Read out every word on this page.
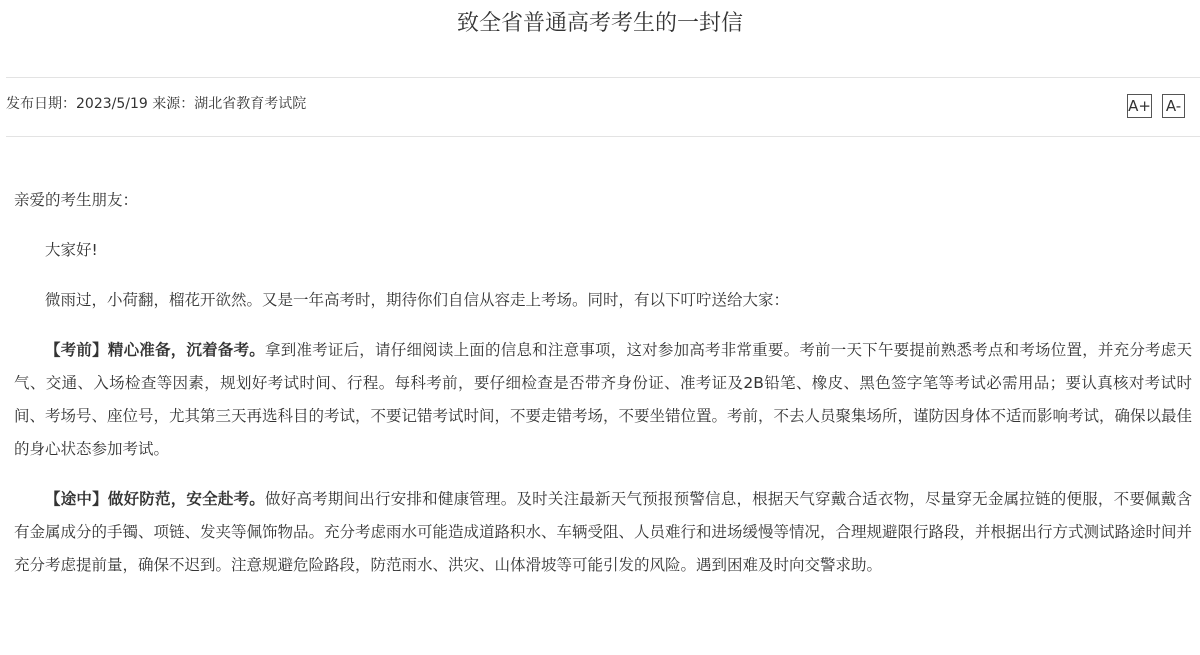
致全省普通高考考生的一封信
发布日期：2023/5/19 来源：湖北省教育考试院	A+ A-

亲爱的考生朋友：

大家好!

微雨过，小荷翻，榴花开欲然。又是一年高考时，期待你们自信从容走上考场。同时，有以下叮咛送给大家：

【考前】精心准备，沉着备考。拿到准考证后，请仔细阅读上面的信息和注意事项，这对参加高考非常重要。考前一天下午要提前熟悉考点和考场位置，并充分考虑天气、交通、入场检查等因素，规划好考试时间、行程。每科考前，要仔细检查是否带齐身份证、准考证及2B铅笔、橡皮、黑色签字笔等考试必需用品；要认真核对考试时间、考场号、座位号，尤其第三天再选科目的考试，不要记错考试时间，不要走错考场，不要坐错位置。考前，不去人员聚集场所，谨防因身体不适而影响考试，确保以最佳的身心状态参加考试。

【途中】做好防范，安全赴考。做好高考期间出行安排和健康管理。及时关注最新天气预报预警信息，根据天气穿戴合适衣物，尽量穿无金属拉链的便服，不要佩戴含有金属成分的手镯、项链、发夹等佩饰物品。充分考虑雨水可能造成道路积水、车辆受阻、人员难行和进场缓慢等情况，合理规避限行路段，并根据出行方式测试路途时间并充分考虑提前量，确保不迟到。注意规避危险路段，防范雨水、洪灾、山体滑坡等可能引发的风险。遇到困难及时向交警求助。
